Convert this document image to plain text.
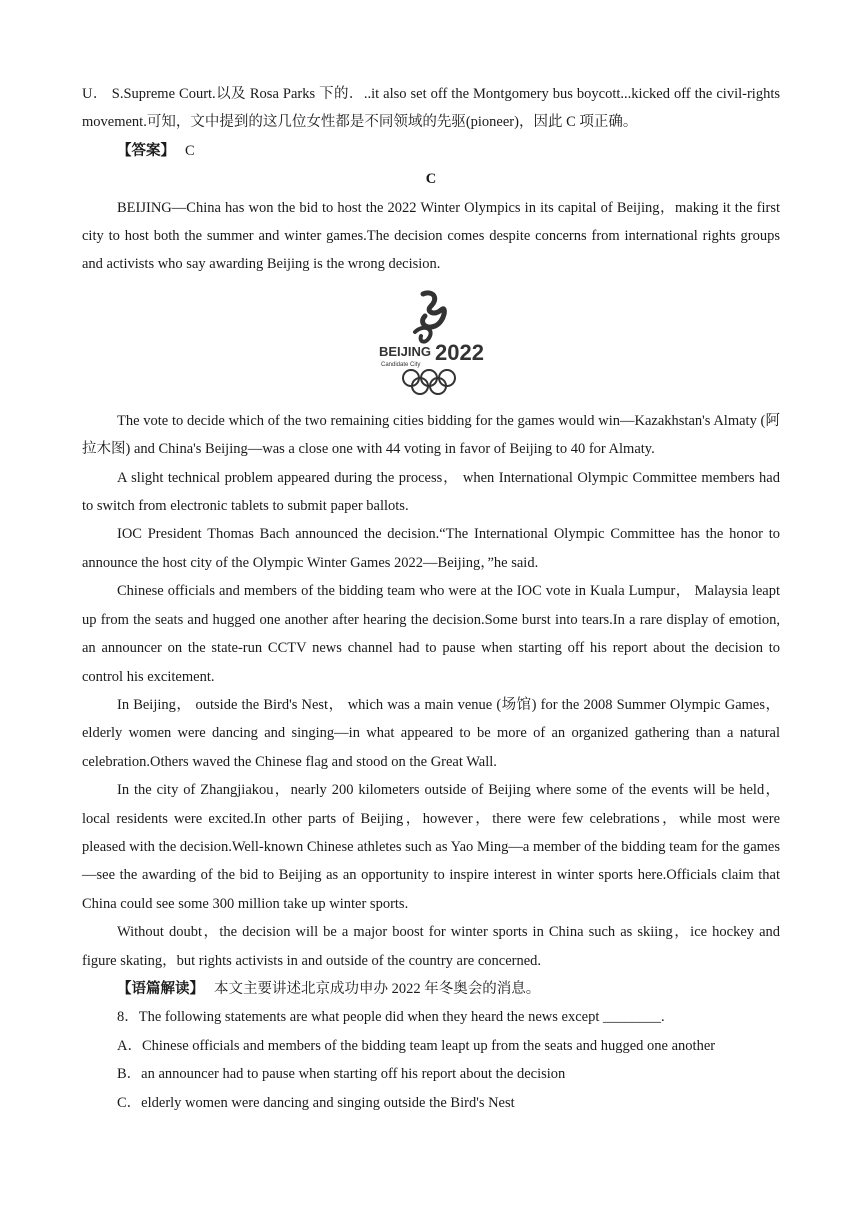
U． S.Supreme Court.以及 Rosa Parks 下的．..it also set off the Montgomery bus boycott...kicked off the civil-rights movement.可知，文中提到的这几位女性都是不同领域的先驱(pioneer)，因此 C 项正确。

【答案】 C

C

BEIJING—China has won the bid to host the 2022 Winter Olympics in its capital of Beijing，making it the first city to host both the summer and winter games.The decision comes despite concerns from international rights groups and activists who say awarding Beijing is the wrong decision.

BEIJING 2022
Candidate City

The vote to decide which of the two remaining cities bidding for the games would win—Kazakhstan's Almaty (阿拉木图) and China's Beijing—was a close one with 44 voting in favor of Beijing to 40 for Almaty.

A slight technical problem appeared during the process， when International Olympic Committee members had to switch from electronic tablets to submit paper ballots.

IOC President Thomas Bach announced the decision.“The International Olympic Committee has the honor to announce the host city of the Olympic Winter Games 2022—Beijing，”he said.

Chinese officials and members of the bidding team who were at the IOC vote in Kuala Lumpur， Malaysia leapt up from the seats and hugged one another after hearing the decision.Some burst into tears.In a rare display of emotion, an announcer on the state-run CCTV news channel had to pause when starting off his report about the decision to control his excitement.

In Beijing， outside the Bird's Nest， which was a main venue (场馆) for the 2008 Summer Olympic Games，elderly women were dancing and singing—in what appeared to be more of an organized gathering than a natural celebration.Others waved the Chinese flag and stood on the Great Wall.

In the city of Zhangjiakou，nearly 200 kilometers outside of Beijing where some of the events will be held，local residents were excited.In other parts of Beijing，however，there were few celebrations，while most were pleased with the decision.Well-known Chinese athletes such as Yao Ming—a member of the bidding team for the games—see the awarding of the bid to Beijing as an opportunity to inspire interest in winter sports here.Officials claim that China could see some 300 million take up winter sports.

Without doubt，the decision will be a major boost for winter sports in China such as skiing，ice hockey and figure skating，but rights activists in and outside of the country are concerned.

【语篇解读】 本文主要讲述北京成功申办 2022 年冬奥会的消息。

8．The following statements are what people did when they heard the news except ________.

A．Chinese officials and members of the bidding team leapt up from the seats and hugged one another

B．an announcer had to pause when starting off his report about the decision

C．elderly women were dancing and singing outside the Bird's Nest
